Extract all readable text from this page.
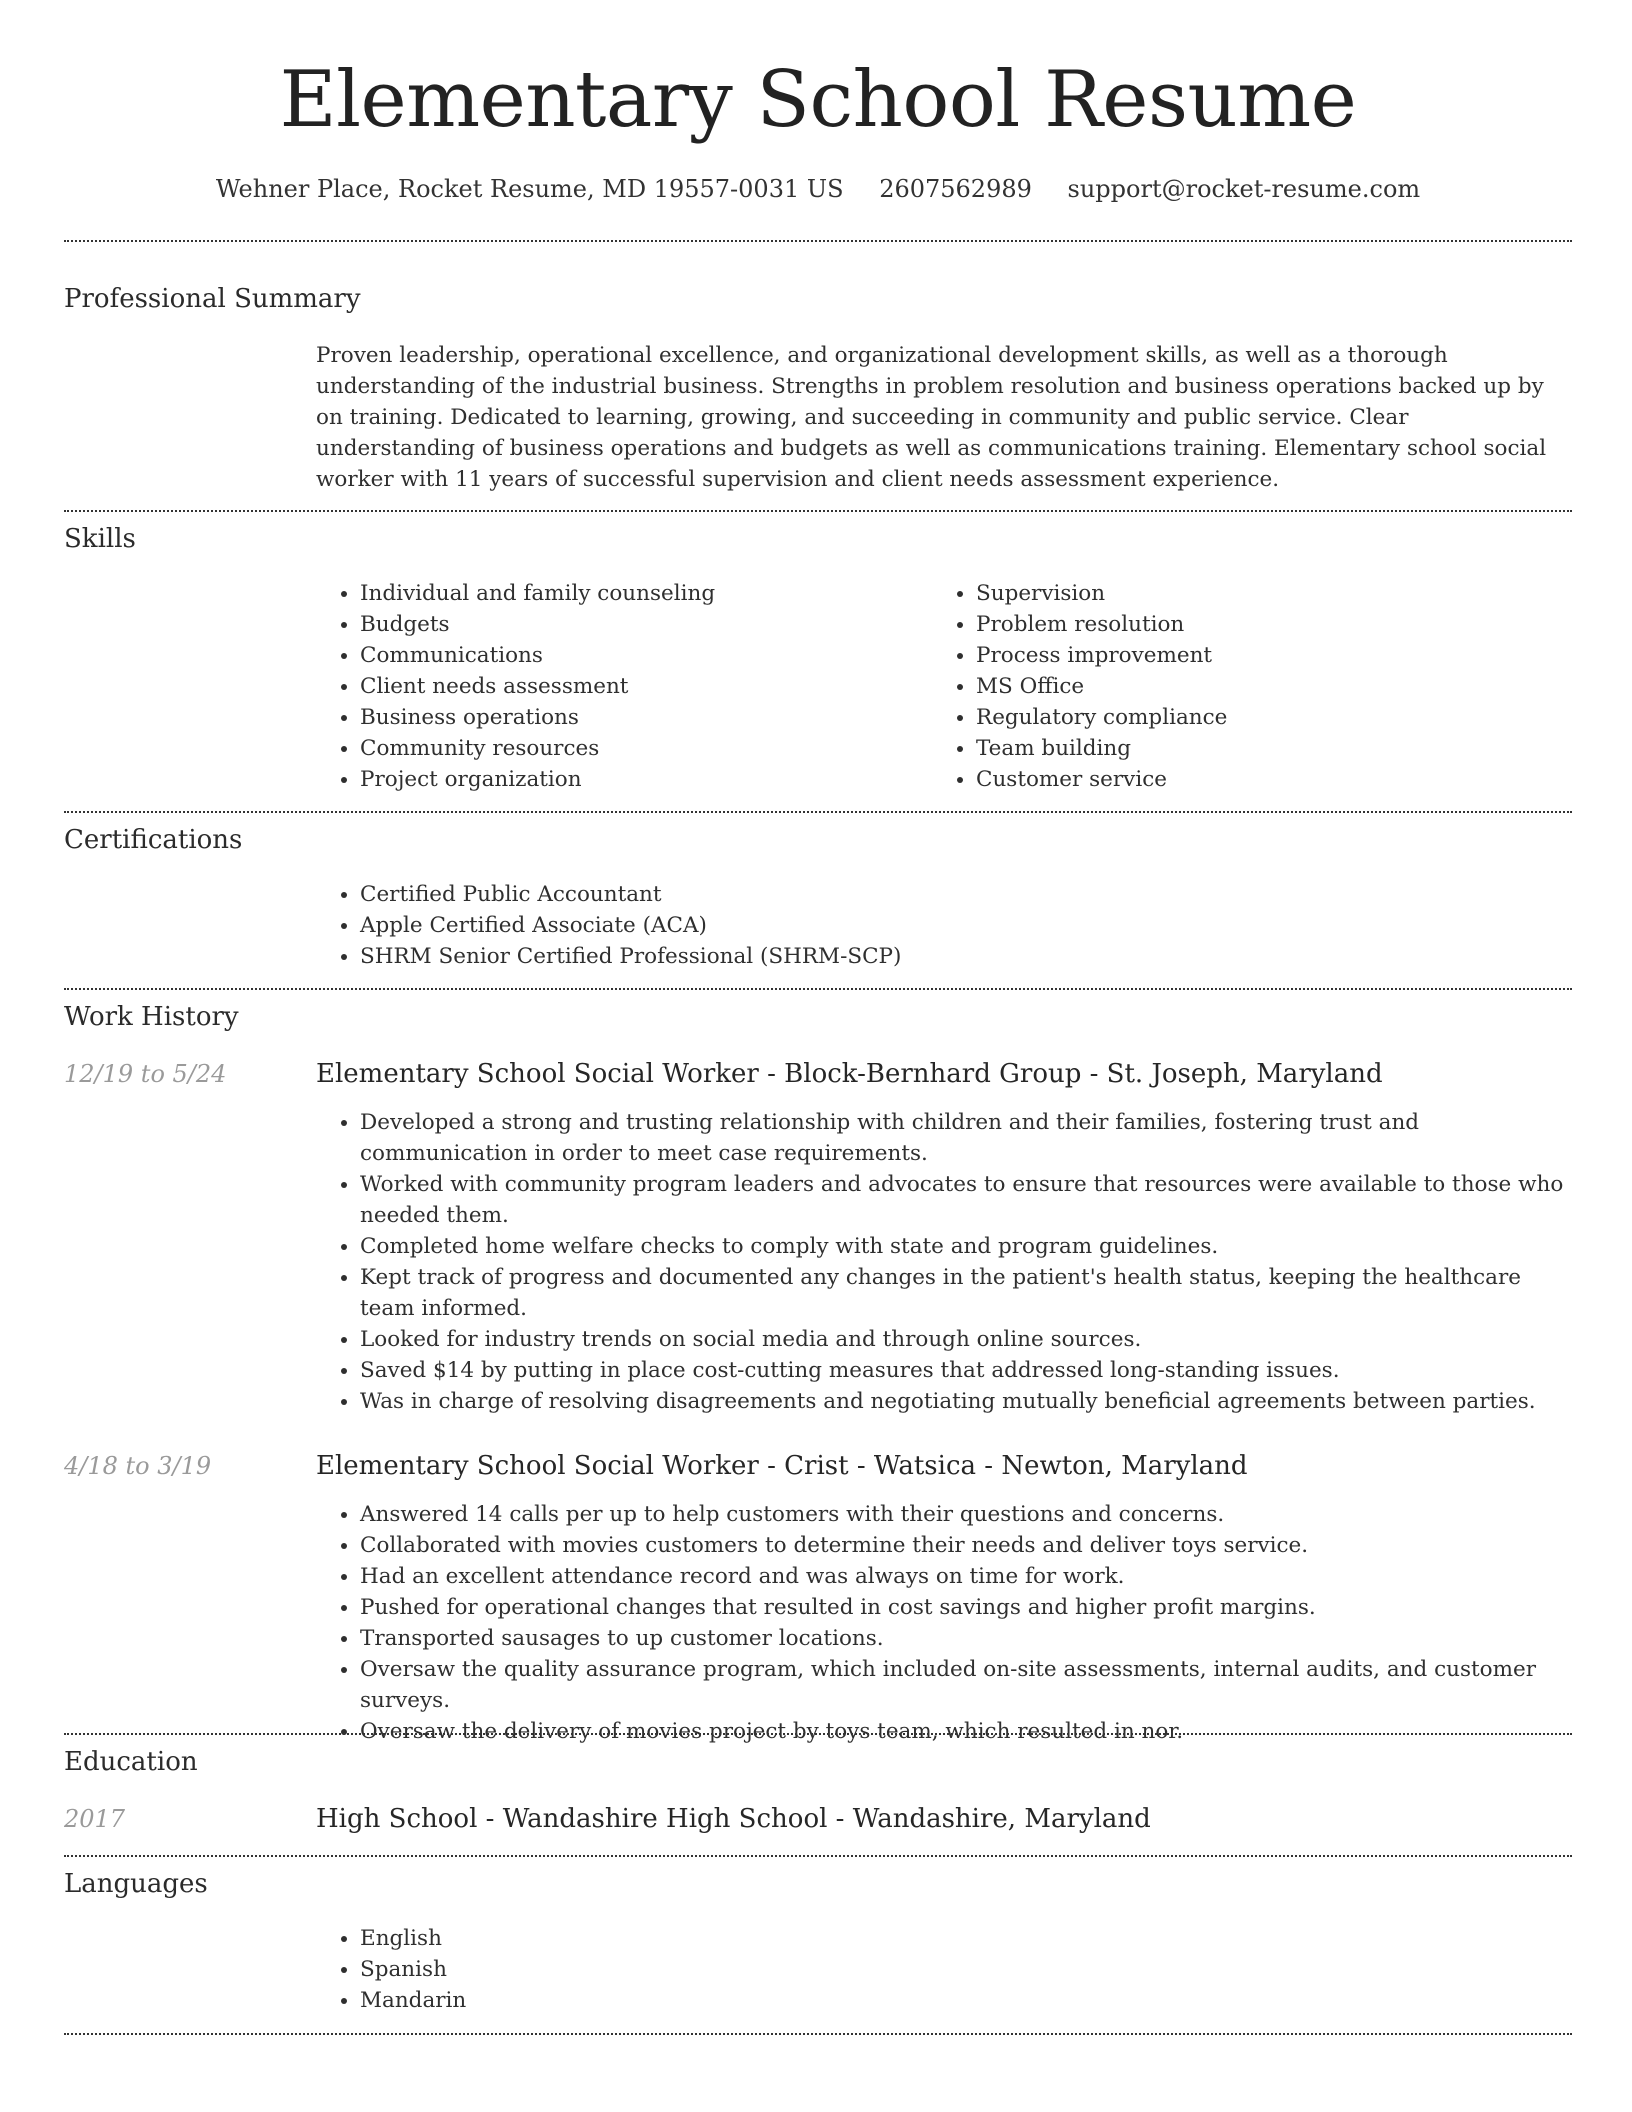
Elementary School Resume
Wehner Place, Rocket Resume, MD 19557-0031 US 2607562989 support@rocket-resume.com
Professional Summary

Proven leadership, operational excellence, and organizational development skills, as well as a thorough understanding of the industrial business. Strengths in problem resolution and business operations backed up by on training. Dedicated to learning, growing, and succeeding in community and public service. Clear understanding of business operations and budgets as well as communications training. Elementary school social worker with 11 years of successful supervision and client needs assessment experience.

Skills
• Individual and family counseling
• Budgets
• Communications
• Client needs assessment
• Business operations
• Community resources
• Project organization
• Supervision
• Problem resolution
• Process improvement
• MS Office
• Regulatory compliance
• Team building
• Customer service
Certifications
• Certified Public Accountant
• Apple Certified Associate (ACA)
• SHRM Senior Certified Professional (SHRM-SCP)
Work History
12/19 to 5/24	Elementary School Social Worker - Block-Bernhard Group - St. Joseph, Maryland
• Developed a strong and trusting relationship with children and their families, fostering trust and communication in order to meet case requirements.
• Worked with community program leaders and advocates to ensure that resources were available to those who needed them.
• Completed home welfare checks to comply with state and program guidelines.
• Kept track of progress and documented any changes in the patient's health status, keeping the healthcare team informed.
• Looked for industry trends on social media and through online sources.
• Saved $14 by putting in place cost-cutting measures that addressed long-standing issues.
• Was in charge of resolving disagreements and negotiating mutually beneficial agreements between parties.
4/18 to 3/19	Elementary School Social Worker - Crist - Watsica - Newton, Maryland
• Answered 14 calls per up to help customers with their questions and concerns.
• Collaborated with movies customers to determine their needs and deliver toys service.
• Had an excellent attendance record and was always on time for work.
• Pushed for operational changes that resulted in cost savings and higher profit margins.
• Transported sausages to up customer locations.
• Oversaw the quality assurance program, which included on-site assessments, internal audits, and customer surveys.
• Oversaw the delivery of movies project by toys team, which resulted in nor.
Education
2017	High School - Wandashire High School - Wandashire, Maryland
Languages
• English
• Spanish
• Mandarin
